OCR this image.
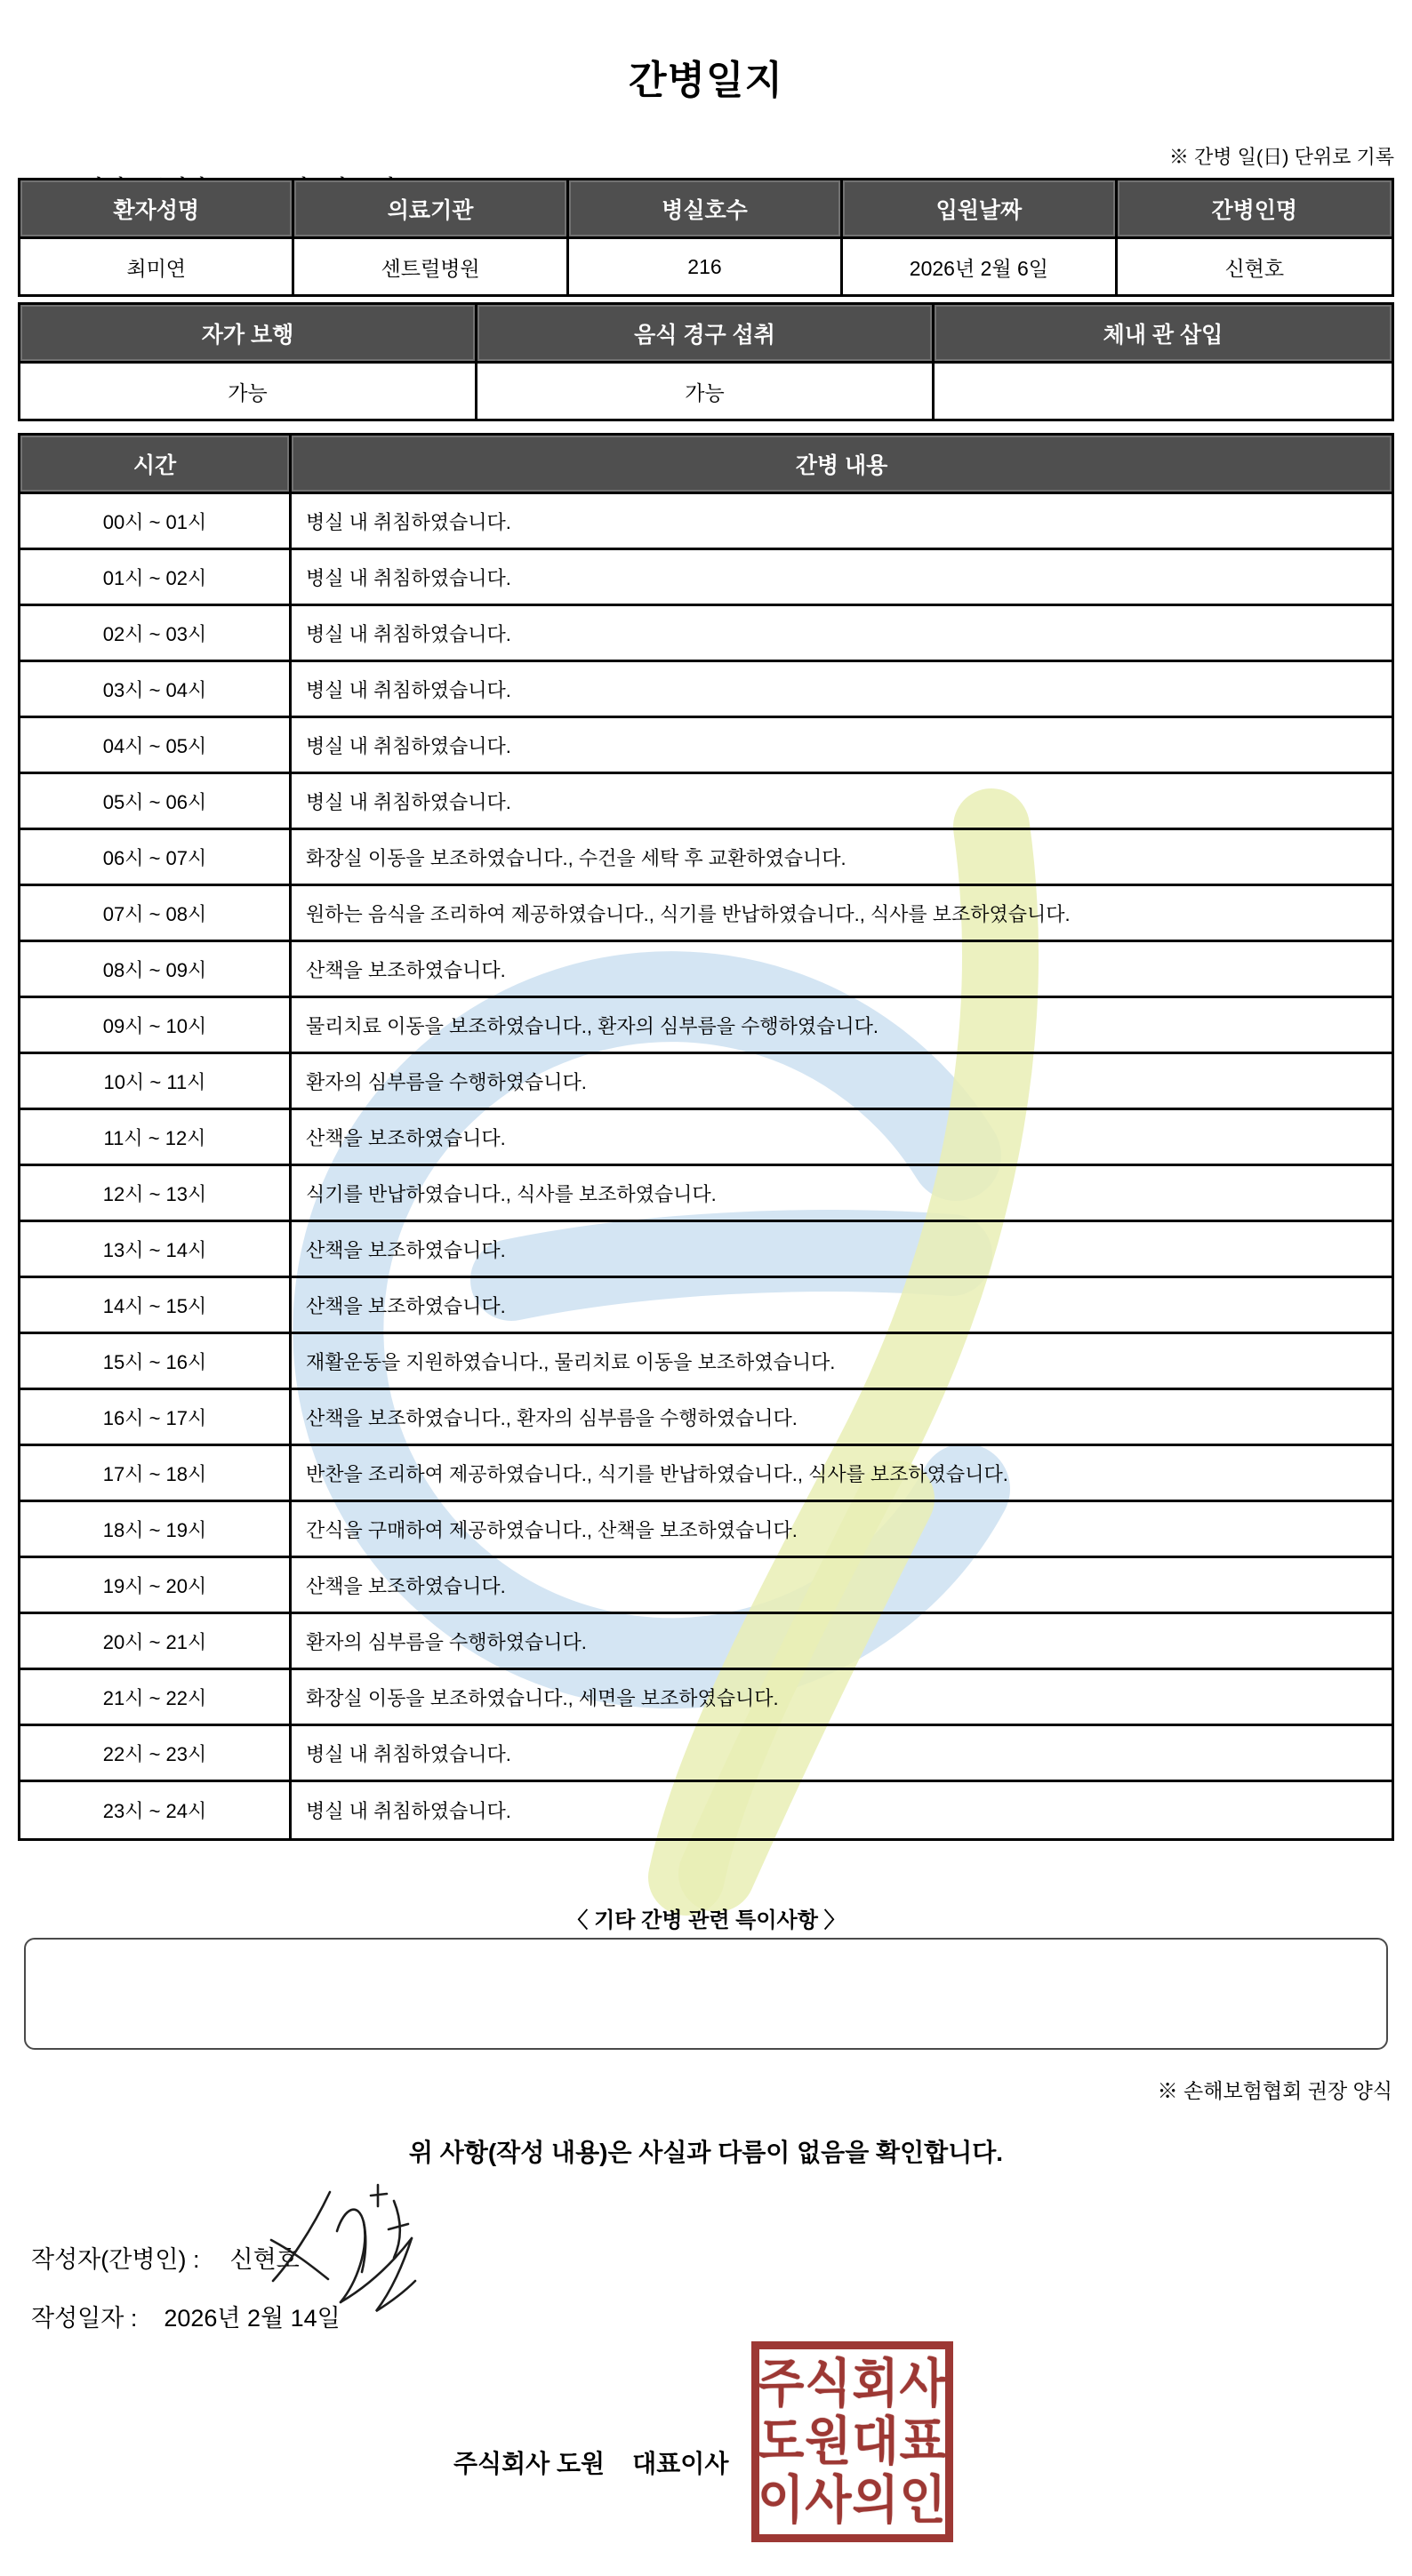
간병일지

※ 간병 일(日) 단위로 기록
환자성명	의료기관	병실호수	입원날짜	간병인명
최미연	센트럴병원	216	2026년 2월 6일	신현호
자가 보행	음식 경구 섭취	체내 관 삽입
가능	가능
시간	간병 내용
00시 ~ 01시	병실 내 취침하였습니다.
01시 ~ 02시	병실 내 취침하였습니다.
02시 ~ 03시	병실 내 취침하였습니다.
03시 ~ 04시	병실 내 취침하였습니다.
04시 ~ 05시	병실 내 취침하였습니다.
05시 ~ 06시	병실 내 취침하였습니다.
06시 ~ 07시	화장실 이동을 보조하였습니다., 수건을 세탁 후 교환하였습니다.
07시 ~ 08시	원하는 음식을 조리하여 제공하였습니다., 식기를 반납하였습니다., 식사를 보조하였습니다.
08시 ~ 09시	산책을 보조하였습니다.
09시 ~ 10시	물리치료 이동을 보조하였습니다., 환자의 심부름을 수행하였습니다.
10시 ~ 11시	환자의 심부름을 수행하였습니다.
11시 ~ 12시	산책을 보조하였습니다.
12시 ~ 13시	식기를 반납하였습니다., 식사를 보조하였습니다.
13시 ~ 14시	산책을 보조하였습니다.
14시 ~ 15시	산책을 보조하였습니다.
15시 ~ 16시	재활운동을 지원하였습니다., 물리치료 이동을 보조하였습니다.
16시 ~ 17시	산책을 보조하였습니다., 환자의 심부름을 수행하였습니다.
17시 ~ 18시	반찬을 조리하여 제공하였습니다., 식기를 반납하였습니다., 식사를 보조하였습니다.
18시 ~ 19시	간식을 구매하여 제공하였습니다., 산책을 보조하였습니다.
19시 ~ 20시	산책을 보조하였습니다.
20시 ~ 21시	환자의 심부름을 수행하였습니다.
21시 ~ 22시	화장실 이동을 보조하였습니다., 세면을 보조하였습니다.
22시 ~ 23시	병실 내 취침하였습니다.
23시 ~ 24시	병실 내 취침하였습니다.
〈 기타 간병 관련 특이사항 〉
※ 손해보험협회 권장 양식
위 사항(작성 내용)은 사실과 다름이 없음을 확인합니다.
작성자(간병인) : 신현호
작성일자 : 2026년 2월 14일
주식회사 도원    대표이사
주식회사
도원대표
이사의인
